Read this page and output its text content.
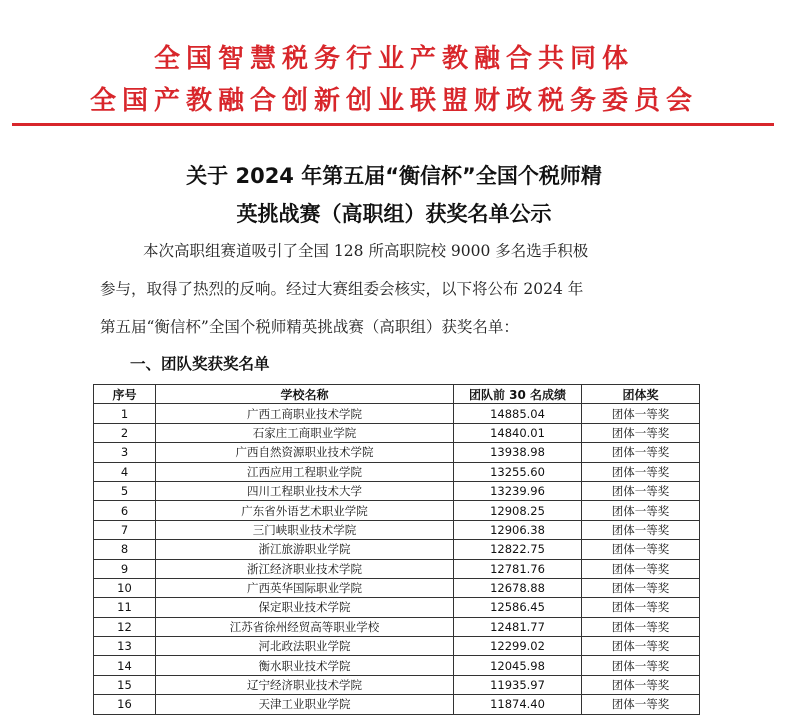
全国智慧税务行业产教融合共同体
全国产教融合创新创业联盟财政税务委员会
关于 2024 年第五届“衡信杯”全国个税师精
英挑战赛（高职组）获奖名单公示
本次高职组赛道吸引了全国 128 所高职院校 9000 多名选手积极
参与，取得了热烈的反响。经过大赛组委会核实，以下将公布 2024 年
第五届“衡信杯”全国个税师精英挑战赛（高职组）获奖名单：
一、团队奖获奖名单
序号	学校名称	团队前 30 名成绩	团体奖
1	广西工商职业技术学院	14885.04	团体一等奖
2	石家庄工商职业学院	14840.01	团体一等奖
3	广西自然资源职业技术学院	13938.98	团体一等奖
4	江西应用工程职业学院	13255.60	团体一等奖
5	四川工程职业技术大学	13239.96	团体一等奖
6	广东省外语艺术职业学院	12908.25	团体一等奖
7	三门峡职业技术学院	12906.38	团体一等奖
8	浙江旅游职业学院	12822.75	团体一等奖
9	浙江经济职业技术学院	12781.76	团体一等奖
10	广西英华国际职业学院	12678.88	团体一等奖
11	保定职业技术学院	12586.45	团体一等奖
12	江苏省徐州经贸高等职业学校	12481.77	团体一等奖
13	河北政法职业学院	12299.02	团体一等奖
14	衡水职业技术学院	12045.98	团体一等奖
15	辽宁经济职业技术学院	11935.97	团体一等奖
16	天津工业职业学院	11874.40	团体一等奖
